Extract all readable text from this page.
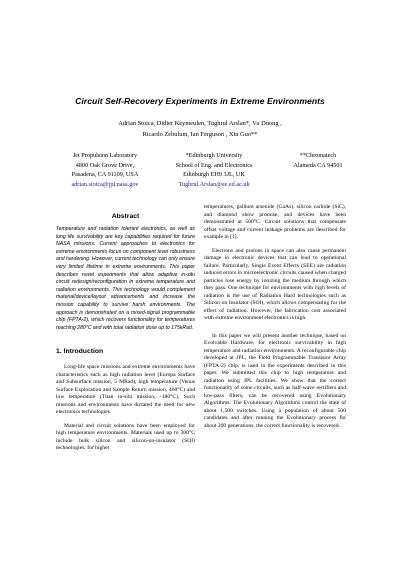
Circuit Self-Recovery Experiments in Extreme Environments
Adrian Stoica, Didier Keymeulen, Tughrul Arslan*, Vu Duong ,
Ricardo Zebulum, Ian Ferguson , Xin Guo**
Jet Propulsion Laboratory
4800 Oak Grove Drive,
Pasadena, CA 91109, USA
adrian.stoica@jpl.nasa.gov
*Edinburgh University
School of Eng. and Electronics
Edinburgh EH9 3JL, UK
Tughrul.Arslan@ee.ed.ac.uk
**Chromatech
Alameda CA 94501
Abstract

Temperature and radiation tolerant electronics, as well as long life survivability are key capabilities required for future NASA missions. Current approaches to electronics for extreme environments focus on component level robustness and hardening. However, current technology can only ensure very limited lifetime in extreme environments. This paper describes novel experiments that allow adaptive in-situ circuit redesign/reconfiguration in extreme temperature and radiation environments. This technology would complement material/device/layout advancements and increase the mission capability to survive harsh environments. The approach is demonstrated on a mixed-signal programmable chip (FPTA-2), which recovers functionality for temperatures reaching 280°C and with total radiation dose up to 175kRad.

1. Introduction

Long-life space missions and extreme environments have characteristics such as high radiation level (Europa Surface and Subsurface mission, 5 MRad), high temperature (Venus Surface Exploration and Sample Return mission, 460°C) and low temperature (Titan in-situ mission, -180°C). Such missions and environments have dictated the need for new electronics technologies.

Material and circuit solutions have been employed for high temperature environments. Materials used up to 300°C include bulk silicon and silicon-on-insulator (SOI) technologies; for higher

temperatures, gallium arsenide (GaAs), silicon carbide (SiC), and diamond show promise, and devices have been demonstrated at 500°C. Circuit solutions that compensate offset voltage and current leakage problems are described for example in [1].

Electrons and protons in space can also cause permanent damage in electronic devices that can lead to operational failure. Particularly, Single Event Effects (SEE) are radiation induced errors in microelectronic circuits caused when charged particles lose energy by ionizing the medium through which they pass. One technique for environments with high levels of radiation is the use of Radiation Hard technologies such as Silicon on Insulator (SOI), which allows compensating for the effect of radiation. However, the fabrication cost associated with extreme environment electronics is high.

In this paper we will present another technique, based on Evolvable Hardware, for electronic survivability in high temperature and radiation environments. A reconfigurable chip developed at JPL, the Field Programmable Transistor Array (FPTA-2) chip, is used in the experiments described in this paper. We submitted this chip to high temperature and radiation using JPL facilities. We show that the correct functionality of some circuits, such as half-wave rectifiers and low-pass filters, can be recovered using Evolutionary Algorithms. The Evolutionary Algorithms control the state of about 1,500 switches. Using a population of about 500 candidates and after running the Evolutionary process for about 200 generations, the correct functionality is recovered.
